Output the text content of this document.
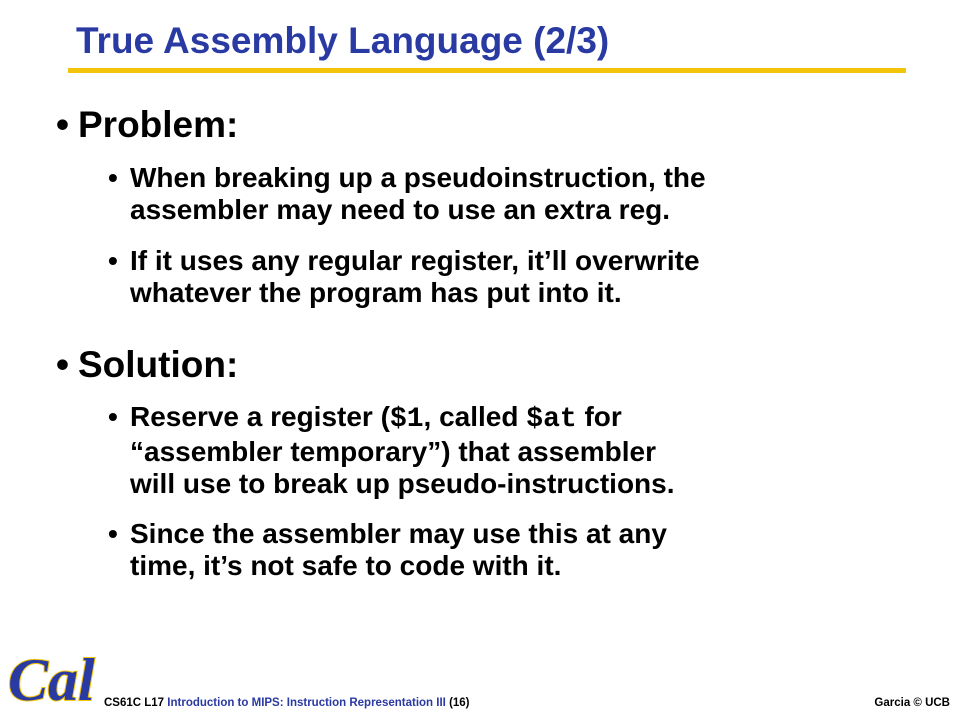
True Assembly Language (2/3)
• Problem:
• When breaking up a pseudoinstruction, the
assembler may need to use an extra reg.
• If it uses any regular register, it’ll overwrite
whatever the program has put into it.
• Solution:
• Reserve a register ($1, called $at for
“assembler temporary”) that assembler
will use to break up pseudo-instructions.
• Since the assembler may use this at any
time, it’s not safe to code with it.
Cal CS61C L17 Introduction to MIPS: Instruction Representation III (16)	Garcia © UCB
